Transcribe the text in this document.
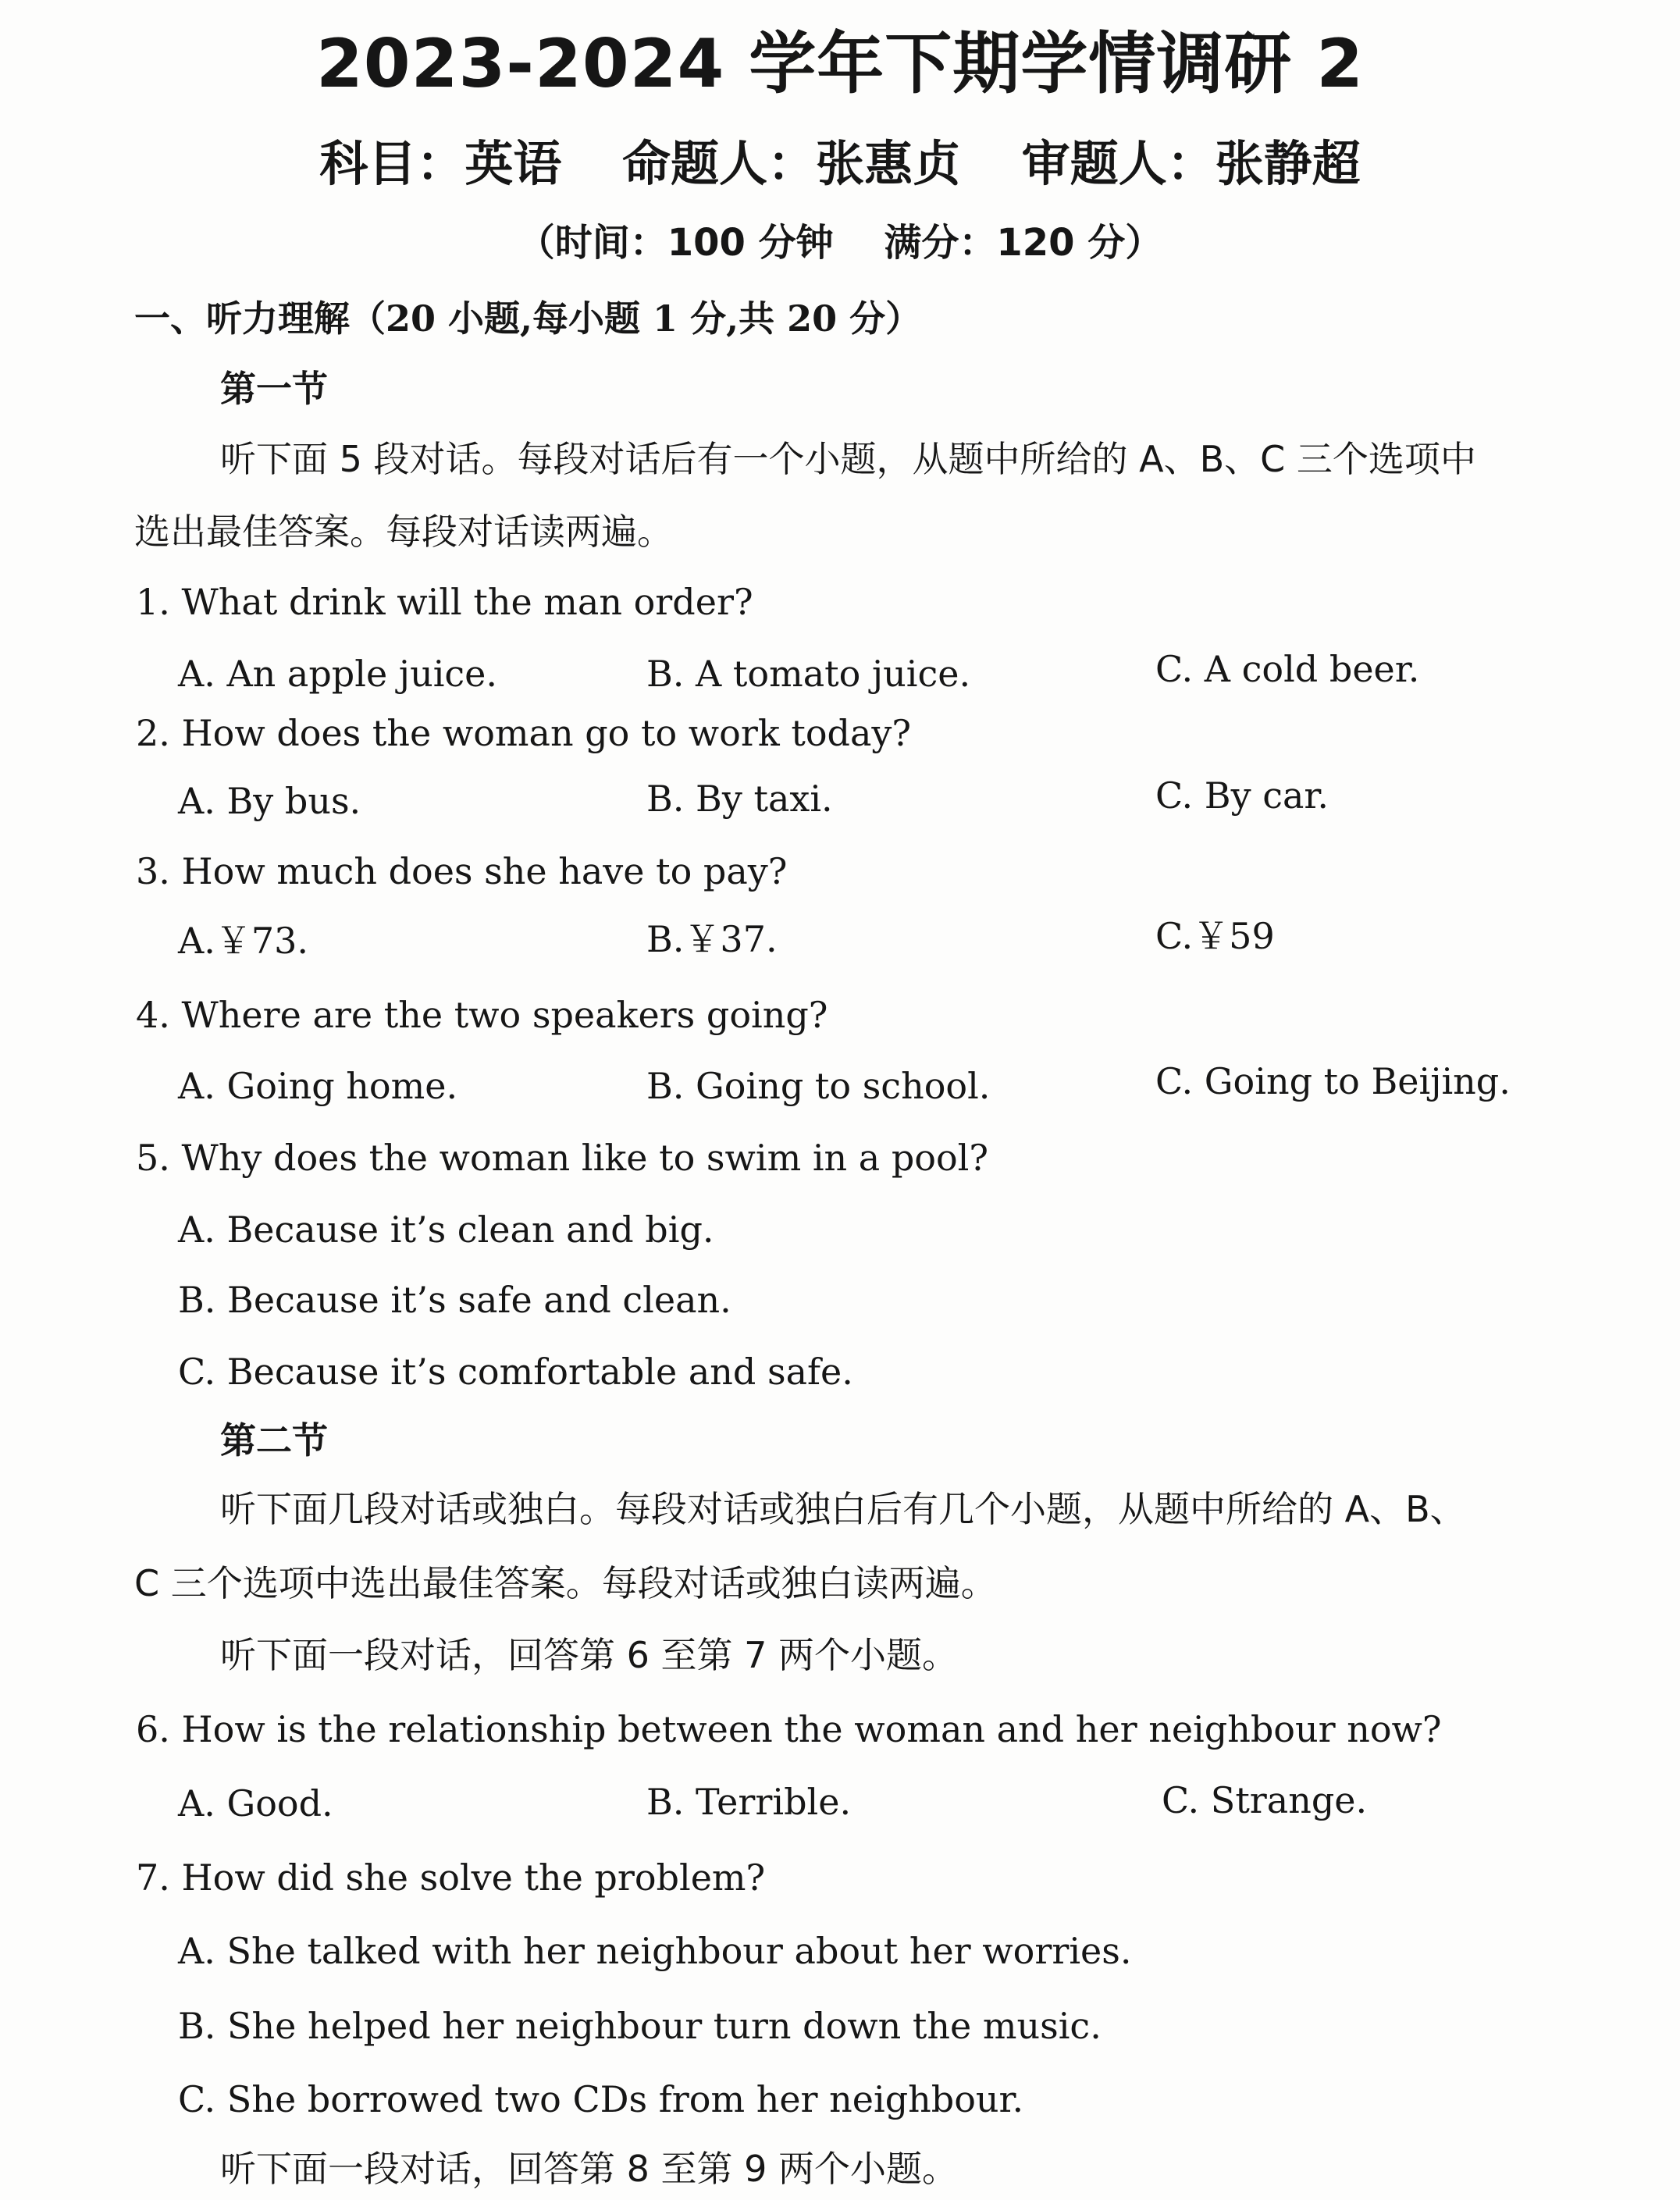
2023-2024 学年下期学情调研 2
科目：英语 命题人：张惠贞 审题人：张静超
（时间：100 分钟 满分：120 分）
一、听力理解（20 小题,每小题 1 分,共 20 分）
第一节
听下面 5 段对话。每段对话后有一个小题，从题中所给的 A、B、C 三个选项中
选出最佳答案。每段对话读两遍。
1. What drink will the man order?
A. An apple juice.	B. A tomato juice.	C. A cold beer.
2. How does the woman go to work today?
A. By bus.	B. By taxi.	C. By car.
3. How much does she have to pay?
A.￥73.	B.￥37.	C.￥59
4. Where are the two speakers going?
A. Going home.	B. Going to school.	C. Going to Beijing.
5. Why does the woman like to swim in a pool?
A. Because it’s clean and big.
B. Because it’s safe and clean.
C. Because it’s comfortable and safe.
第二节
听下面几段对话或独白。每段对话或独白后有几个小题，从题中所给的 A、B、
C 三个选项中选出最佳答案。每段对话或独白读两遍。
听下面一段对话，回答第 6 至第 7 两个小题。
6. How is the relationship between the woman and her neighbour now?
A. Good.	B. Terrible.	C. Strange.
7. How did she solve the problem?
A. She talked with her neighbour about her worries.
B. She helped her neighbour turn down the music.
C. She borrowed two CDs from her neighbour.
听下面一段对话，回答第 8 至第 9 两个小题。
